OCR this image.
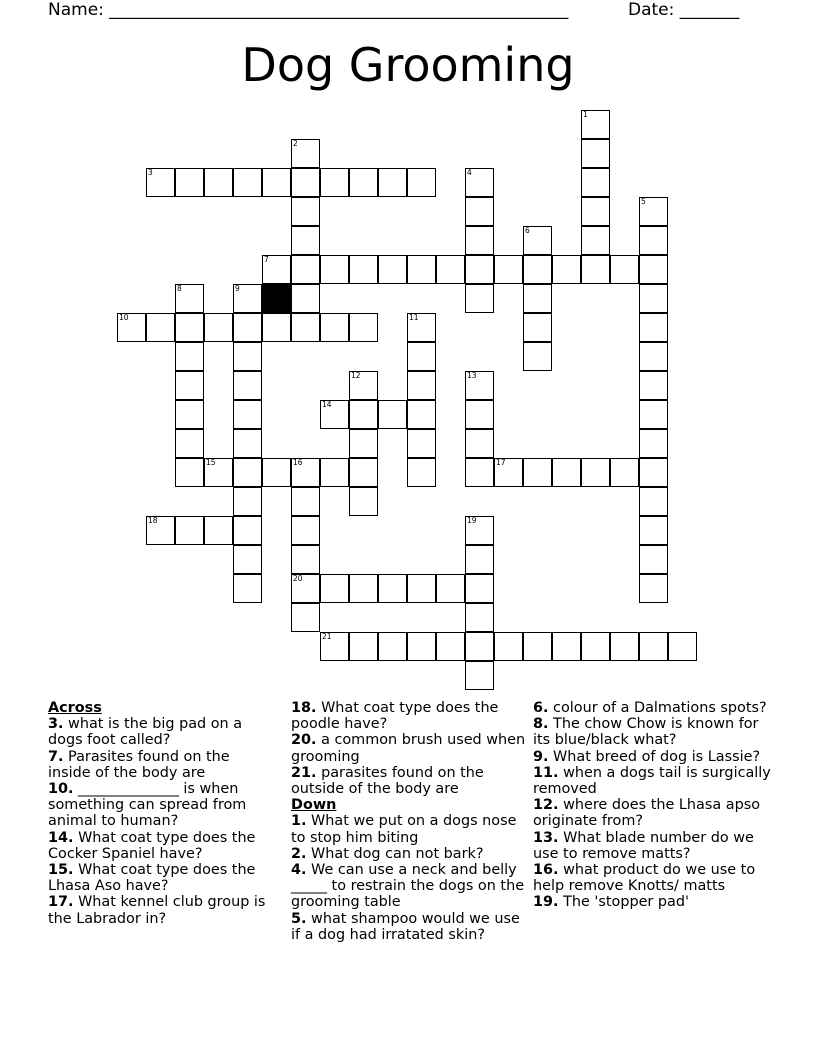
Name: ______________________________________________________	Date: _______
Dog Grooming
3
7
10
14
15	16	17
18
20
21
1
2
4
5
6
8	9
11
12	13
19
Across
3. what is the big pad on a dogs foot called?
7. Parasites found on the inside of the body are
10. ______________ is when something can spread from animal to human?
14. What coat type does the Cocker Spaniel have?
15. What coat type does the Lhasa Aso have?
17. What kennel club group is the Labrador in?
18. What coat type does the poodle have?
20. a common brush used when grooming
21. parasites found on the outside of the body are
Down
1. What we put on a dogs nose to stop him biting
2. What dog can not bark?
4. We can use a neck and belly _____ to restrain the dogs on the grooming table
5. what shampoo would we use if a dog had irratated skin?
6. colour of a Dalmations spots?
8. The chow Chow is known for its blue/black what?
9. What breed of dog is Lassie?
11. when a dogs tail is surgically removed
12. where does the Lhasa apso originate from?
13. What blade number do we use to remove matts?
16. what product do we use to help remove Knotts/ matts
19. The 'stopper pad'
